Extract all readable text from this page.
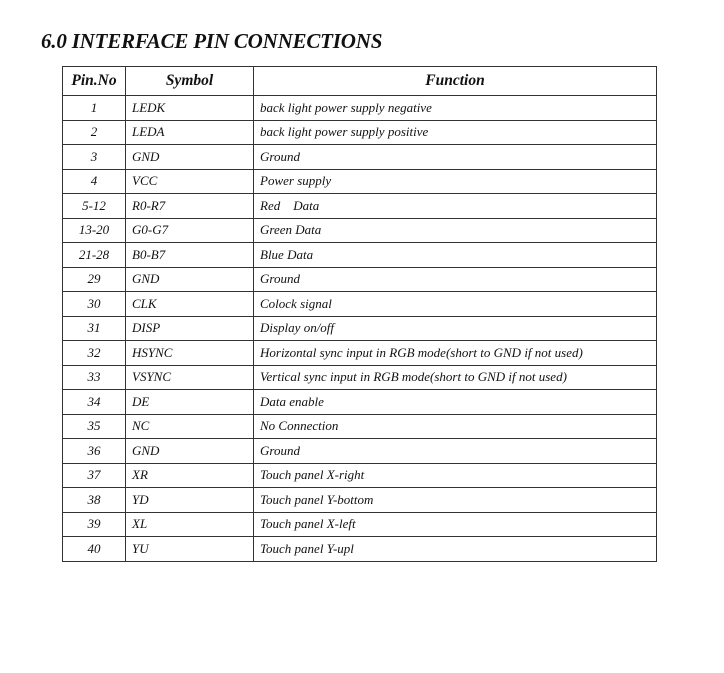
6.0 INTERFACE PIN CONNECTIONS
Pin.No	Symbol	Function
1	LEDK	back light power supply negative
2	LEDA	back light power supply positive
3	GND	Ground
4	VCC	Power supply
5-12	R0-R7	Red    Data
13-20	G0-G7	Green Data
21-28	B0-B7	Blue Data
29	GND	Ground
30	CLK	Colock signal
31	DISP	Display on/off
32	HSYNC	Horizontal sync input in RGB mode(short to GND if not used)
33	VSYNC	Vertical sync input in RGB mode(short to GND if not used)
34	DE	Data enable
35	NC	No Connection
36	GND	Ground
37	XR	Touch panel X-right
38	YD	Touch panel Y-bottom
39	XL	Touch panel X-left
40	YU	Touch panel Y-upl
